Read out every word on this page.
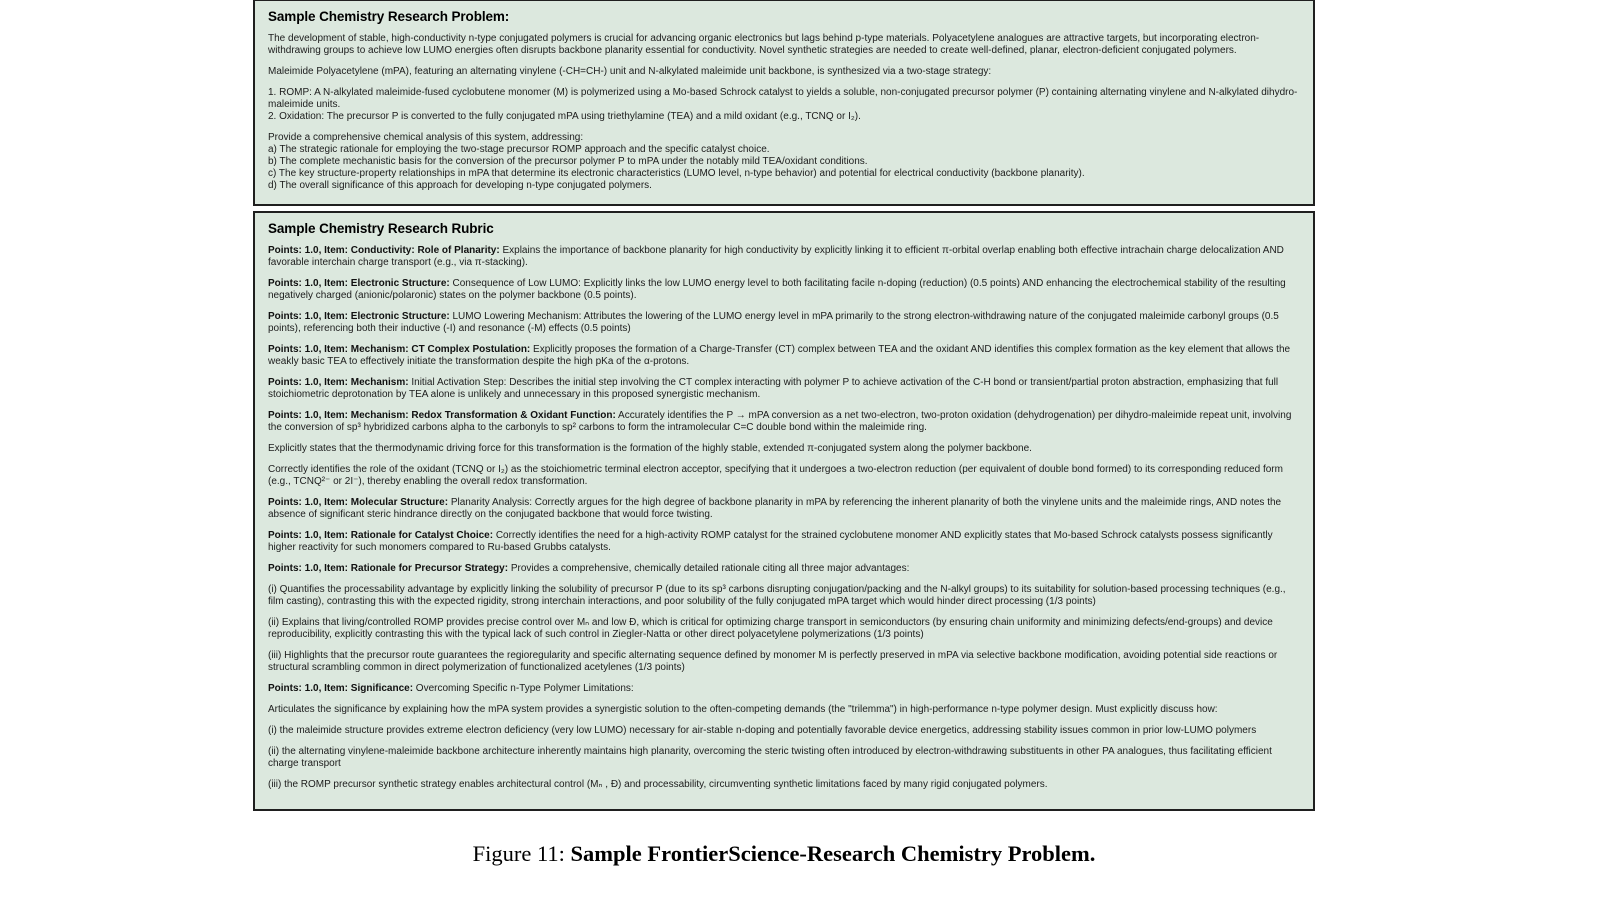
Sample Chemistry Research Problem:

The development of stable, high-conductivity n-type conjugated polymers is crucial for advancing organic electronics but lags behind p-type materials. Polyacetylene analogues are attractive targets, but incorporating electron-withdrawing groups to achieve low LUMO energies often disrupts backbone planarity essential for conductivity. Novel synthetic strategies are needed to create well-defined, planar, electron-deficient conjugated polymers.

Maleimide Polyacetylene (mPA), featuring an alternating vinylene (-CH=CH-) unit and N-alkylated maleimide unit backbone, is synthesized via a two-stage strategy:

1. ROMP: A N-alkylated maleimide-fused cyclobutene monomer (M) is polymerized using a Mo-based Schrock catalyst to yields a soluble, non-conjugated precursor polymer (P) containing alternating vinylene and N-alkylated dihydro-maleimide units.
2. Oxidation: The precursor P is converted to the fully conjugated mPA using triethylamine (TEA) and a mild oxidant (e.g., TCNQ or I₂).

Provide a comprehensive chemical analysis of this system, addressing:
a) The strategic rationale for employing the two-stage precursor ROMP approach and the specific catalyst choice.
b) The complete mechanistic basis for the conversion of the precursor polymer P to mPA under the notably mild TEA/oxidant conditions.
c) The key structure-property relationships in mPA that determine its electronic characteristics (LUMO level, n-type behavior) and potential for electrical conductivity (backbone planarity).
d) The overall significance of this approach for developing n-type conjugated polymers.

Sample Chemistry Research Rubric

Points: 1.0, Item: Conductivity: Role of Planarity: Explains the importance of backbone planarity for high conductivity by explicitly linking it to efficient π-orbital overlap enabling both effective intrachain charge delocalization AND favorable interchain charge transport (e.g., via π-stacking).

Points: 1.0, Item: Electronic Structure: Consequence of Low LUMO: Explicitly links the low LUMO energy level to both facilitating facile n-doping (reduction) (0.5 points) AND enhancing the electrochemical stability of the resulting negatively charged (anionic/polaronic) states on the polymer backbone (0.5 points).

Points: 1.0, Item: Electronic Structure: LUMO Lowering Mechanism: Attributes the lowering of the LUMO energy level in mPA primarily to the strong electron-withdrawing nature of the conjugated maleimide carbonyl groups (0.5 points), referencing both their inductive (-I) and resonance (-M) effects (0.5 points)

Points: 1.0, Item: Mechanism: CT Complex Postulation: Explicitly proposes the formation of a Charge-Transfer (CT) complex between TEA and the oxidant AND identifies this complex formation as the key element that allows the weakly basic TEA to effectively initiate the transformation despite the high pKa of the α-protons.

Points: 1.0, Item: Mechanism: Initial Activation Step: Describes the initial step involving the CT complex interacting with polymer P to achieve activation of the C-H bond or transient/partial proton abstraction, emphasizing that full stoichiometric deprotonation by TEA alone is unlikely and unnecessary in this proposed synergistic mechanism.

Points: 1.0, Item: Mechanism: Redox Transformation & Oxidant Function: Accurately identifies the P → mPA conversion as a net two-electron, two-proton oxidation (dehydrogenation) per dihydro-maleimide repeat unit, involving the conversion of sp³ hybridized carbons alpha to the carbonyls to sp² carbons to form the intramolecular C=C double bond within the maleimide ring.

Explicitly states that the thermodynamic driving force for this transformation is the formation of the highly stable, extended π-conjugated system along the polymer backbone.

Correctly identifies the role of the oxidant (TCNQ or I₂) as the stoichiometric terminal electron acceptor, specifying that it undergoes a two-electron reduction (per equivalent of double bond formed) to its corresponding reduced form (e.g., TCNQ²⁻ or 2I⁻), thereby enabling the overall redox transformation.

Points: 1.0, Item: Molecular Structure: Planarity Analysis: Correctly argues for the high degree of backbone planarity in mPA by referencing the inherent planarity of both the vinylene units and the maleimide rings, AND notes the absence of significant steric hindrance directly on the conjugated backbone that would force twisting.

Points: 1.0, Item: Rationale for Catalyst Choice: Correctly identifies the need for a high-activity ROMP catalyst for the strained cyclobutene monomer AND explicitly states that Mo-based Schrock catalysts possess significantly higher reactivity for such monomers compared to Ru-based Grubbs catalysts.

Points: 1.0, Item: Rationale for Precursor Strategy: Provides a comprehensive, chemically detailed rationale citing all three major advantages:

(i) Quantifies the processability advantage by explicitly linking the solubility of precursor P (due to its sp³ carbons disrupting conjugation/packing and the N-alkyl groups) to its suitability for solution-based processing techniques (e.g., film casting), contrasting this with the expected rigidity, strong interchain interactions, and poor solubility of the fully conjugated mPA target which would hinder direct processing (1/3 points)

(ii) Explains that living/controlled ROMP provides precise control over Mₙ and low Đ, which is critical for optimizing charge transport in semiconductors (by ensuring chain uniformity and minimizing defects/end-groups) and device reproducibility, explicitly contrasting this with the typical lack of such control in Ziegler-Natta or other direct polyacetylene polymerizations (1/3 points)

(iii) Highlights that the precursor route guarantees the regioregularity and specific alternating sequence defined by monomer M is perfectly preserved in mPA via selective backbone modification, avoiding potential side reactions or structural scrambling common in direct polymerization of functionalized acetylenes (1/3 points)

Points: 1.0, Item: Significance: Overcoming Specific n-Type Polymer Limitations:

Articulates the significance by explaining how the mPA system provides a synergistic solution to the often-competing demands (the "trilemma") in high-performance n-type polymer design. Must explicitly discuss how:

(i) the maleimide structure provides extreme electron deficiency (very low LUMO) necessary for air-stable n-doping and potentially favorable device energetics, addressing stability issues common in prior low-LUMO polymers

(ii) the alternating vinylene-maleimide backbone architecture inherently maintains high planarity, overcoming the steric twisting often introduced by electron-withdrawing substituents in other PA analogues, thus facilitating efficient charge transport

(iii) the ROMP precursor synthetic strategy enables architectural control (Mₙ , Đ) and processability, circumventing synthetic limitations faced by many rigid conjugated polymers.

Figure 11: Sample FrontierScience-Research Chemistry Problem.
